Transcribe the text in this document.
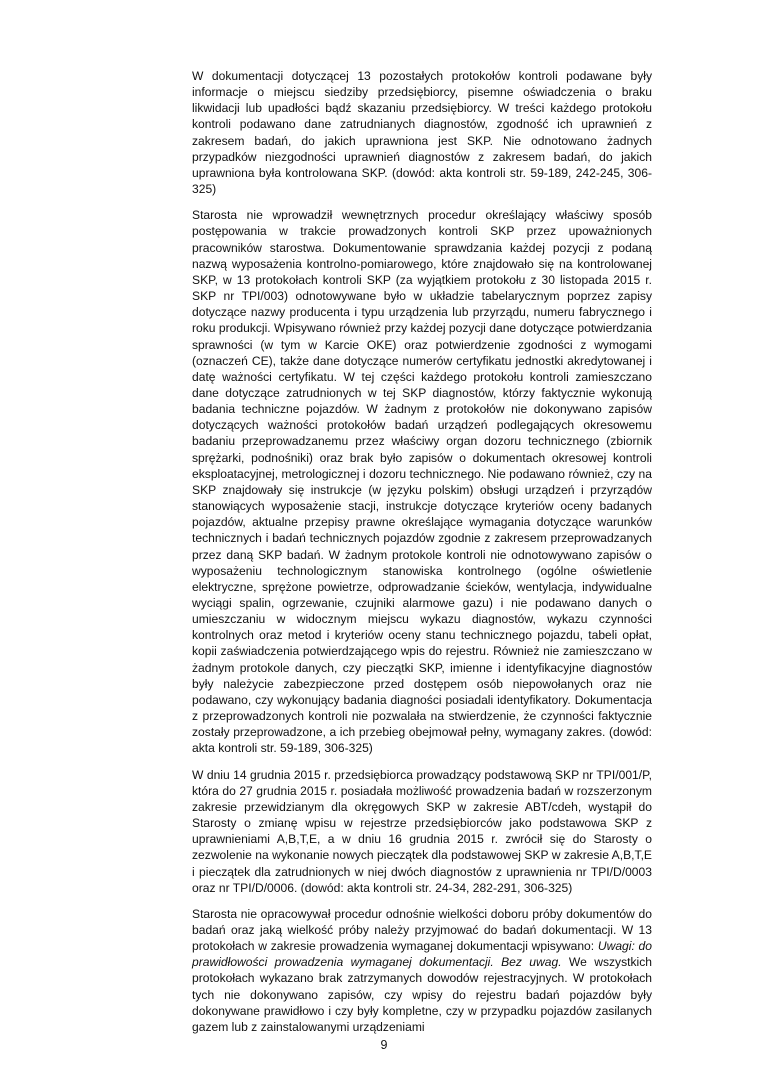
W dokumentacji dotyczącej 13 pozostałych protokołów kontroli podawane były informacje o miejscu siedziby przedsiębiorcy, pisemne oświadczenia o braku likwidacji lub upadłości bądź skazaniu przedsiębiorcy. W treści każdego protokołu kontroli podawano dane zatrudnianych diagnostów, zgodność ich uprawnień z zakresem badań, do jakich uprawniona jest SKP. Nie odnotowano żadnych przypadków niezgodności uprawnień diagnostów z zakresem badań, do jakich uprawniona była kontrolowana SKP. (dowód: akta kontroli str. 59-189, 242-245, 306-325)

Starosta nie wprowadził wewnętrznych procedur określający właściwy sposób postępowania w trakcie prowadzonych kontroli SKP przez upoważnionych pracowników starostwa. Dokumentowanie sprawdzania każdej pozycji z podaną nazwą wyposażenia kontrolno-pomiarowego, które znajdowało się na kontrolowanej SKP, w 13 protokołach kontroli SKP (za wyjątkiem protokołu z 30 listopada 2015 r. SKP nr TPI/003) odnotowywane było w układzie tabelarycznym poprzez zapisy dotyczące nazwy producenta i typu urządzenia lub przyrządu, numeru fabrycznego i roku produkcji. Wpisywano również przy każdej pozycji dane dotyczące potwierdzania sprawności (w tym w Karcie OKE) oraz potwierdzenie zgodności z wymogami (oznaczeń CE), także dane dotyczące numerów certyfikatu jednostki akredytowanej i datę ważności certyfikatu. W tej części każdego protokołu kontroli zamieszczano dane dotyczące zatrudnionych w tej SKP diagnostów, którzy faktycznie wykonują badania techniczne pojazdów. W żadnym z protokołów nie dokonywano zapisów dotyczących ważności protokołów badań urządzeń podlegających okresowemu badaniu przeprowadzanemu przez właściwy organ dozoru technicznego (zbiornik sprężarki, podnośniki) oraz brak było zapisów o dokumentach okresowej kontroli eksploatacyjnej, metrologicznej i dozoru technicznego. Nie podawano również, czy na SKP znajdowały się instrukcje (w języku polskim) obsługi urządzeń i przyrządów stanowiących wyposażenie stacji, instrukcje dotyczące kryteriów oceny badanych pojazdów, aktualne przepisy prawne określające wymagania dotyczące warunków technicznych i badań technicznych pojazdów zgodnie z zakresem przeprowadzanych przez daną SKP badań. W żadnym protokole kontroli nie odnotowywano zapisów o wyposażeniu technologicznym stanowiska kontrolnego (ogólne oświetlenie elektryczne, sprężone powietrze, odprowadzanie ścieków, wentylacja, indywidualne wyciągi spalin, ogrzewanie, czujniki alarmowe gazu) i nie podawano danych o umieszczaniu w widocznym miejscu wykazu diagnostów, wykazu czynności kontrolnych oraz metod i kryteriów oceny stanu technicznego pojazdu, tabeli opłat, kopii zaświadczenia potwierdzającego wpis do rejestru. Również nie zamieszczano w żadnym protokole danych, czy pieczątki SKP, imienne i identyfikacyjne diagnostów były należycie zabezpieczone przed dostępem osób niepowołanych oraz nie podawano, czy wykonujący badania diagności posiadali identyfikatory. Dokumentacja z przeprowadzonych kontroli nie pozwalała na stwierdzenie, że czynności faktycznie zostały przeprowadzone, a ich przebieg obejmował pełny, wymagany zakres. (dowód: akta kontroli str. 59-189, 306-325)

W dniu 14 grudnia 2015 r. przedsiębiorca prowadzący podstawową SKP nr TPI/001/P, która do 27 grudnia 2015 r. posiadała możliwość prowadzenia badań w rozszerzonym zakresie przewidzianym dla okręgowych SKP w zakresie ABT/cdeh, wystąpił do Starosty o zmianę wpisu w rejestrze przedsiębiorców jako podstawowa SKP z uprawnieniami A,B,T,E, a w dniu 16 grudnia 2015 r. zwrócił się do Starosty o zezwolenie na wykonanie nowych pieczątek dla podstawowej SKP w zakresie A,B,T,E i pieczątek dla zatrudnionych w niej dwóch diagnostów z uprawnienia nr TPI/D/0003 oraz nr TPI/D/0006. (dowód: akta kontroli str. 24-34, 282-291, 306-325)

Starosta nie opracowywał procedur odnośnie wielkości doboru próby dokumentów do badań oraz jaką wielkość próby należy przyjmować do badań dokumentacji. W 13 protokołach w zakresie prowadzenia wymaganej dokumentacji wpisywano: Uwagi: do prawidłowości prowadzenia wymaganej dokumentacji. Bez uwag. We wszystkich protokołach wykazano brak zatrzymanych dowodów rejestracyjnych. W protokołach tych nie dokonywano zapisów, czy wpisy do rejestru badań pojazdów były dokonywane prawidłowo i czy były kompletne, czy w przypadku pojazdów zasilanych gazem lub z zainstalowanymi urządzeniami

9
